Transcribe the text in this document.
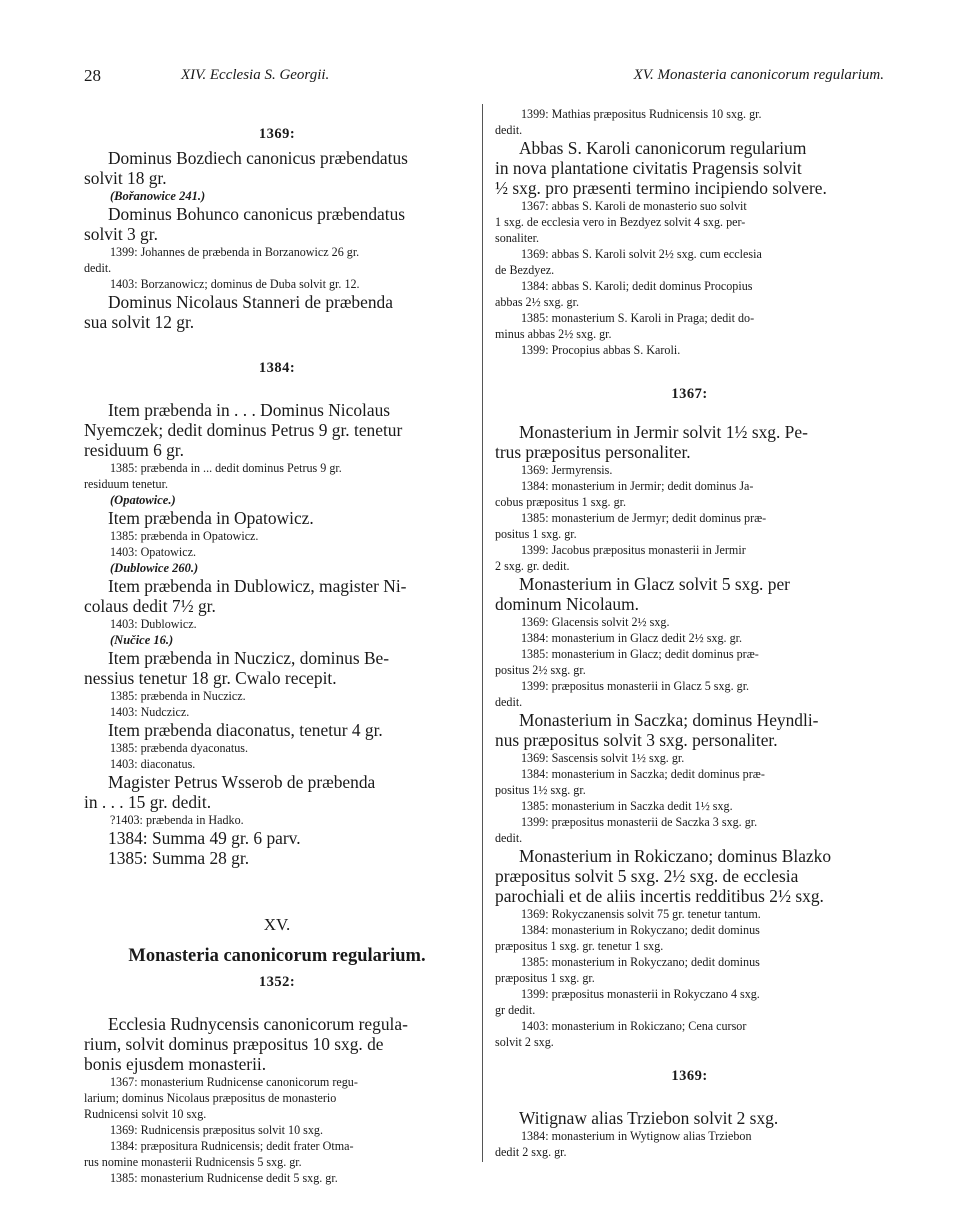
28	XIV. Ecclesia S. Georgii.	XV. Monasteria canonicorum regularium.

1369:

Dominus Bozdiech canonicus præbendatus

solvit 18 gr.

(Bořanowice 241.)

Dominus Bohunco canonicus præbendatus

solvit 3 gr.

1399: Johannes de præbenda in Borzanowicz 26 gr.

dedit.

1403: Borzanowicz; dominus de Duba solvit gr. 12.

Dominus Nicolaus Stanneri de præbenda

sua solvit 12 gr.

1384:

Item præbenda in . . . Dominus Nicolaus

Nyemczek; dedit dominus Petrus 9 gr. tenetur

residuum 6 gr.

1385: præbenda in ... dedit dominus Petrus 9 gr.

residuum tenetur.

(Opatowice.)

Item præbenda in Opatowicz.

1385: præbenda in Opatowicz.

1403: Opatowicz.

(Dublowice 260.)

Item præbenda in Dublowicz, magister Ni-

colaus dedit 7½ gr.

1403: Dublowicz.

(Nučice 16.)

Item præbenda in Nuczicz, dominus Be-

nessius tenetur 18 gr. Cwalo recepit.

1385: præbenda in Nuczicz.

1403: Nudczicz.

Item præbenda diaconatus, tenetur 4 gr.

1385: præbenda dyaconatus.

1403: diaconatus.

Magister Petrus Wsserob de præbenda

in . . . 15 gr. dedit.

?1403: præbenda in Hadko.

1384: Summa 49 gr. 6 parv.

1385: Summa 28 gr.

XV.

Monasteria canonicorum regularium.

1352:

Ecclesia Rudnycensis canonicorum regula-

rium, solvit dominus præpositus 10 sxg. de

bonis ejusdem monasterii.

1367: monasterium Rudnicense canonicorum regu-

larium; dominus Nicolaus præpositus de monasterio

Rudnicensi solvit 10 sxg.

1369: Rudnicensis præpositus solvit 10 sxg.

1384: præpositura Rudnicensis; dedit frater Otma-

rus nomine monasterii Rudnicensis 5 sxg. gr.

1385: monasterium Rudnicense dedit 5 sxg. gr.

1399: Mathias præpositus Rudnicensis 10 sxg. gr.

dedit.

Abbas S. Karoli canonicorum regularium

in nova plantatione civitatis Pragensis solvit

½ sxg. pro præsenti termino incipiendo solvere.

1367: abbas S. Karoli de monasterio suo solvit

1 sxg. de ecclesia vero in Bezdyez solvit 4 sxg. per-

sonaliter.

1369: abbas S. Karoli solvit 2½ sxg. cum ecclesia

de Bezdyez.

1384: abbas S. Karoli; dedit dominus Procopius

abbas 2½ sxg. gr.

1385: monasterium S. Karoli in Praga; dedit do-

minus abbas 2½ sxg. gr.

1399: Procopius abbas S. Karoli.

1367:

Monasterium in Jermir solvit 1½ sxg. Pe-

trus præpositus personaliter.

1369: Jermyrensis.

1384: monasterium in Jermir; dedit dominus Ja-

cobus præpositus 1 sxg. gr.

1385: monasterium de Jermyr; dedit dominus præ-

positus 1 sxg. gr.

1399: Jacobus præpositus monasterii in Jermir

2 sxg. gr. dedit.

Monasterium in Glacz solvit 5 sxg. per

dominum Nicolaum.

1369: Glacensis solvit 2½ sxg.

1384: monasterium in Glacz dedit 2½ sxg. gr.

1385: monasterium in Glacz; dedit dominus præ-

positus 2½ sxg. gr.

1399: præpositus monasterii in Glacz 5 sxg. gr.

dedit.

Monasterium in Saczka; dominus Heyndli-

nus præpositus solvit 3 sxg. personaliter.

1369: Sascensis solvit 1½ sxg. gr.

1384: monasterium in Saczka; dedit dominus præ-

positus 1½ sxg. gr.

1385: monasterium in Saczka dedit 1½ sxg.

1399: præpositus monasterii de Saczka 3 sxg. gr.

dedit.

Monasterium in Rokiczano; dominus Blazko

præpositus solvit 5 sxg. 2½ sxg. de ecclesia

parochiali et de aliis incertis redditibus 2½ sxg.

1369: Rokyczanensis solvit 75 gr. tenetur tantum.

1384: monasterium in Rokyczano; dedit dominus

præpositus 1 sxg. gr. tenetur 1 sxg.

1385: monasterium in Rokyczano; dedit dominus

præpositus 1 sxg. gr.

1399: præpositus monasterii in Rokyczano 4 sxg.

gr dedit.

1403: monasterium in Rokiczano; Cena cursor

solvit 2 sxg.

1369:

Witignaw alias Trziebon solvit 2 sxg.

1384: monasterium in Wytignow alias Trziebon

dedit 2 sxg. gr.
